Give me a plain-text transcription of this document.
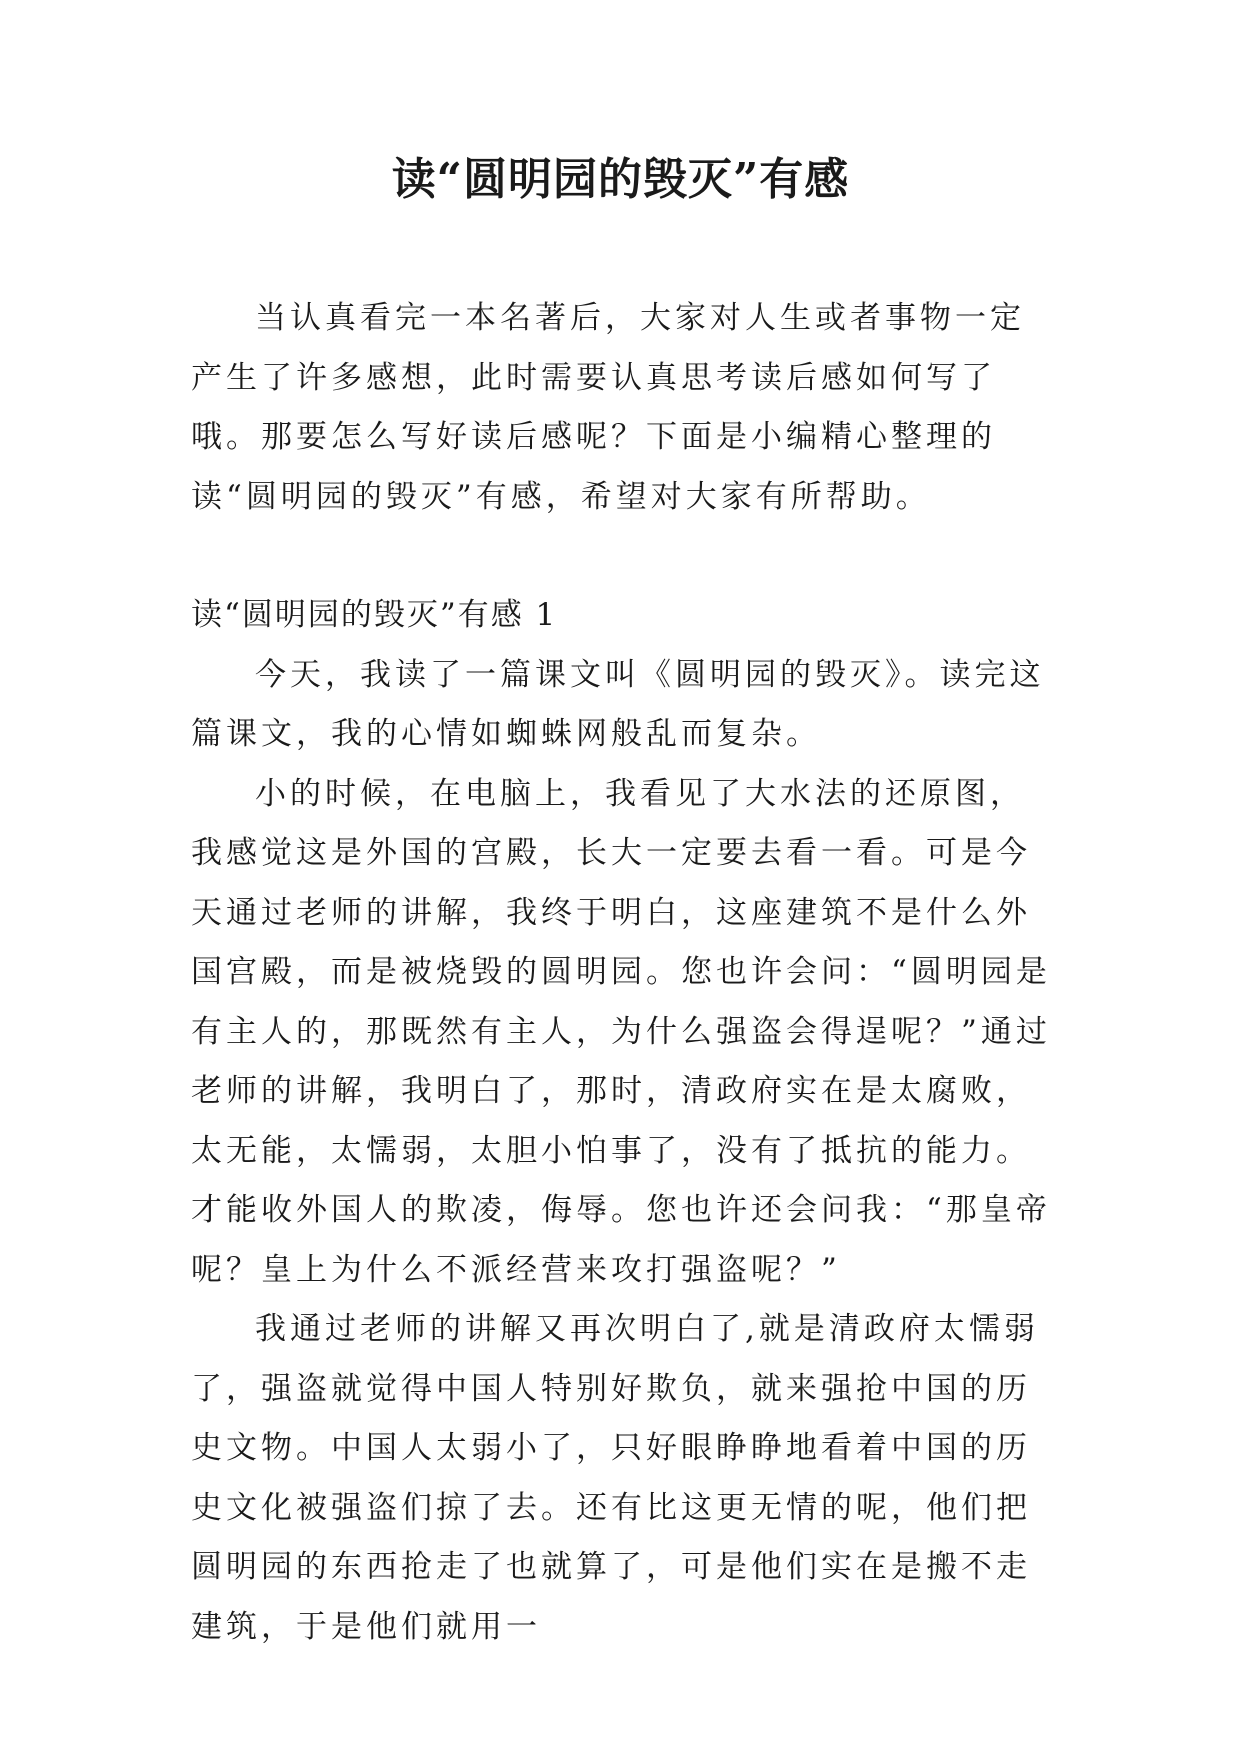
读“圆明园的毁灭”有感

当认真看完一本名著后，大家对人生或者事物一定产生了许多感想，此时需要认真思考读后感如何写了哦。那要怎么写好读后感呢？下面是小编精心整理的读“圆明园的毁灭”有感，希望对大家有所帮助。

读“圆明园的毁灭”有感 1

今天，我读了一篇课文叫《圆明园的毁灭》。读完这篇课文，我的心情如蜘蛛网般乱而复杂。

小的时候，在电脑上，我看见了大水法的还原图，我感觉这是外国的宫殿，长大一定要去看一看。可是今天通过老师的讲解，我终于明白，这座建筑不是什么外国宫殿，而是被烧毁的圆明园。您也许会问：“圆明园是有主人的，那既然有主人，为什么强盗会得逞呢？”通过老师的讲解，我明白了，那时，清政府实在是太腐败，太无能，太懦弱，太胆小怕事了，没有了抵抗的能力。才能收外国人的欺凌，侮辱。您也许还会问我：“那皇帝呢？皇上为什么不派经营来攻打强盗呢？”

我通过老师的讲解又再次明白了,就是清政府太懦弱了，强盗就觉得中国人特别好欺负，就来强抢中国的历史文物。中国人太弱小了，只好眼睁睁地看着中国的历史文化被强盗们掠了去。还有比这更无情的呢，他们把圆明园的东西抢走了也就算了，可是他们实在是搬不走建筑，于是他们就用一
